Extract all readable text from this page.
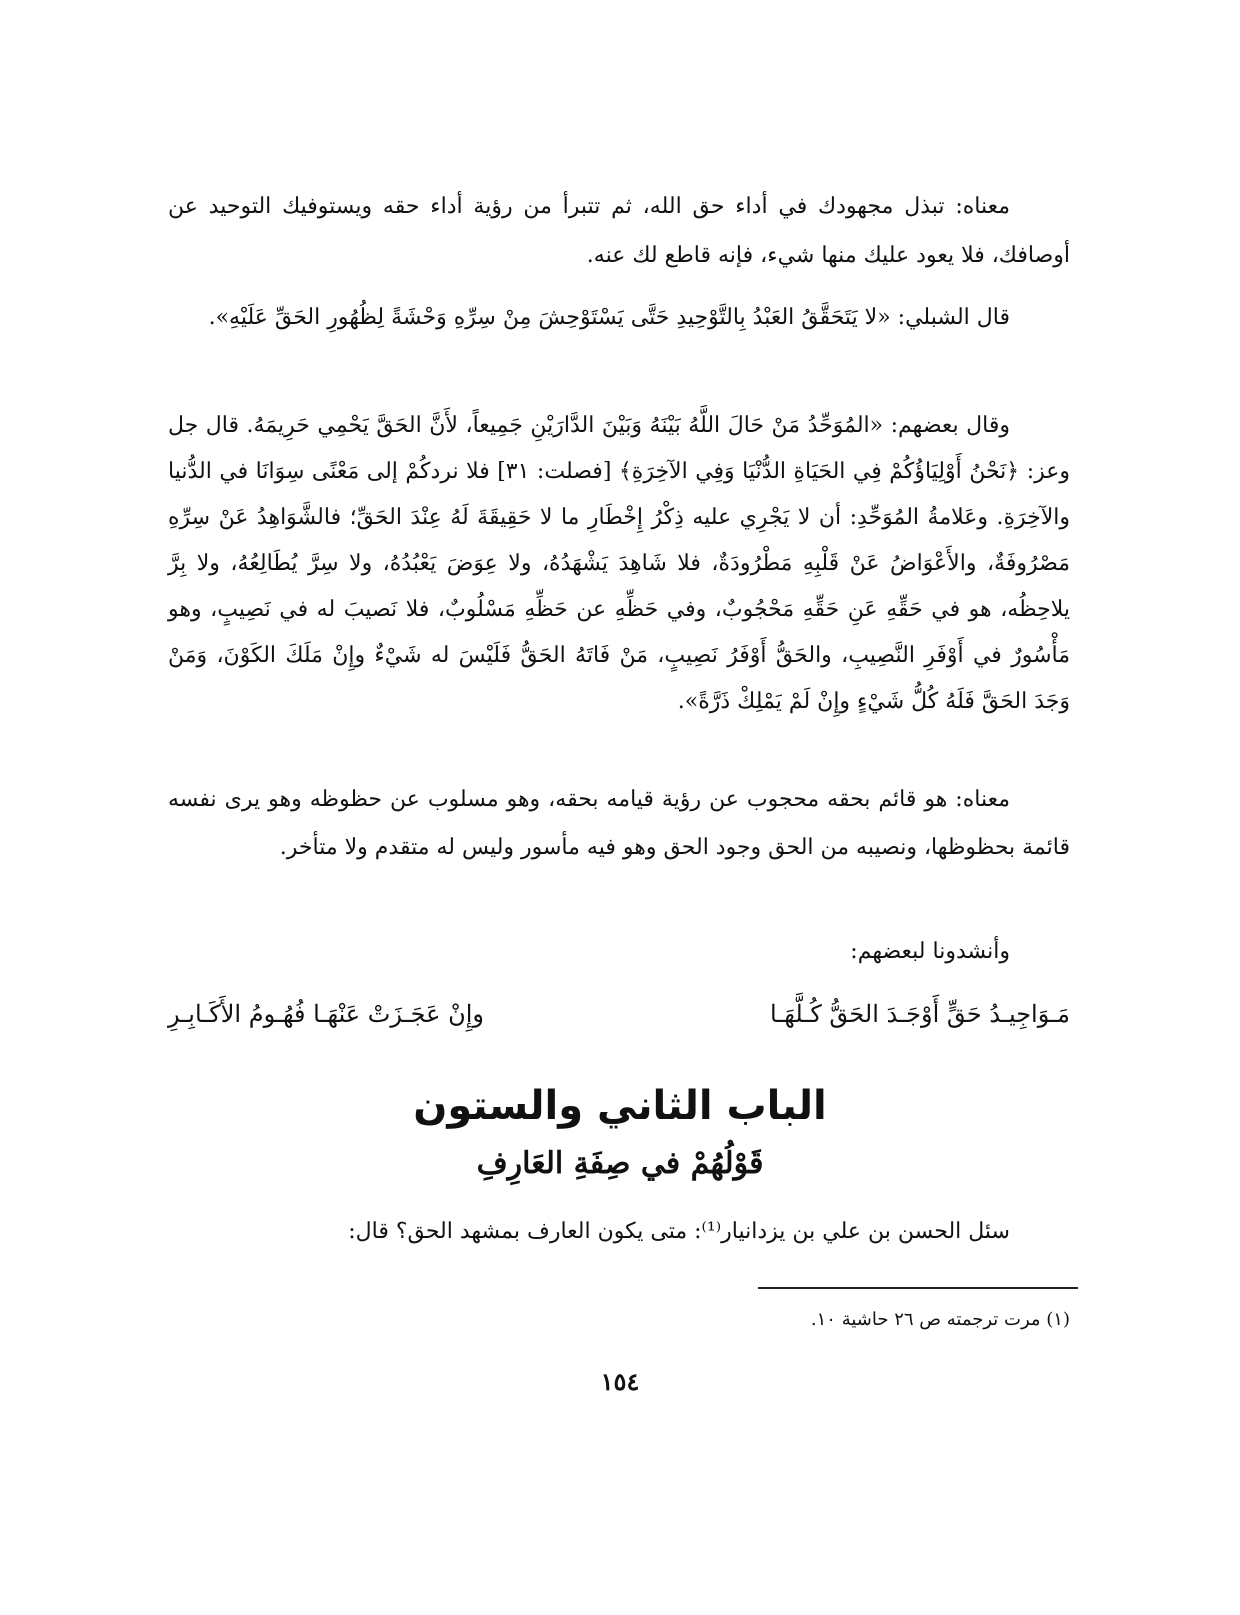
معناه: تبذل مجهودك في أداء حق الله، ثم تتبرأ من رؤية أداء حقه ويستوفيك التوحيد عن أوصافك، فلا يعود عليك منها شيء، فإنه قاطع لك عنه.

قال الشبلي: «لا يَتَحَقَّقُ العَبْدُ بِالتَّوْحِيدِ حَتَّى يَسْتَوْحِشَ مِنْ سِرِّهِ وَحْشَةً لِظُهُورِ الحَقِّ عَلَيْهِ».

وقال بعضهم: «المُوَحِّدُ مَنْ حَالَ اللَّهُ بَيْنَهُ وَبَيْنَ الدَّارَيْنِ جَمِيعاً، لأَنَّ الحَقَّ يَحْمِي حَرِيمَهُ. قال جل وعز: ﴿نَحْنُ أَوْلِيَاؤُكُمْ فِي الحَيَاةِ الدُّنْيَا وَفِي الآخِرَةِ﴾ [فصلت: ٣١] فلا نردكُمْ إلى مَعْنًى سِوَانَا في الدُّنيا والآخِرَةِ. وعَلامةُ المُوَحِّدِ: أن لا يَجْرِي عليه ذِكْرُ إِخْطَارِ ما لا حَقِيقَةَ لَهُ عِنْدَ الحَقِّ؛ فالشَّوَاهِدُ عَنْ سِرِّهِ مَصْرُوفَةٌ، والأَعْوَاضُ عَنْ قَلْبِهِ مَطْرُودَةٌ، فلا شَاهِدَ يَشْهَدُهُ، ولا عِوَضَ يَعْبُدُهُ، ولا سِرَّ يُطَالِعُهُ، ولا بِرَّ يلاحِظُه، هو في حَقِّهِ عَنِ حَقِّهِ مَحْجُوبٌ، وفي حَظِّهِ عن حَظِّهِ مَسْلُوبٌ، فلا نَصيبَ له في نَصِيبٍ، وهو مَأْسُورٌ في أَوْفَرِ النَّصِيبِ، والحَقُّ أَوْفَرُ نَصِيبٍ، مَنْ فَاتَهُ الحَقُّ فَلَيْسَ له شَيْءٌ وإِنْ مَلَكَ الكَوْنَ، وَمَنْ وَجَدَ الحَقَّ فَلَهُ كُلُّ شَيْءٍ وإِنْ لَمْ يَمْلِكْ ذَرَّةً».

معناه: هو قائم بحقه محجوب عن رؤية قيامه بحقه، وهو مسلوب عن حظوظه وهو يرى نفسه قائمة بحظوظها، ونصيبه من الحق وجود الحق وهو فيه مأسور وليس له متقدم ولا متأخر.

وأنشدونا لبعضهم:

مَـوَاجِيـدُ حَقٍّ أَوْجَـدَ الحَقُّ كُـلَّهَـا
وإِنْ عَجَـزَتْ عَنْهَـا فُهُـومُ الأَكَـابِـرِ
الباب الثاني والستون
قَوْلُهُمْ في صِفَةِ العَارِفِ

سئل الحسن بن علي بن يزدانيار⁽¹⁾: متى يكون العارف بمشهد الحق؟ قال:

(١) مرت ترجمته ص ٢٦ حاشية ١٠.
١٥٤
